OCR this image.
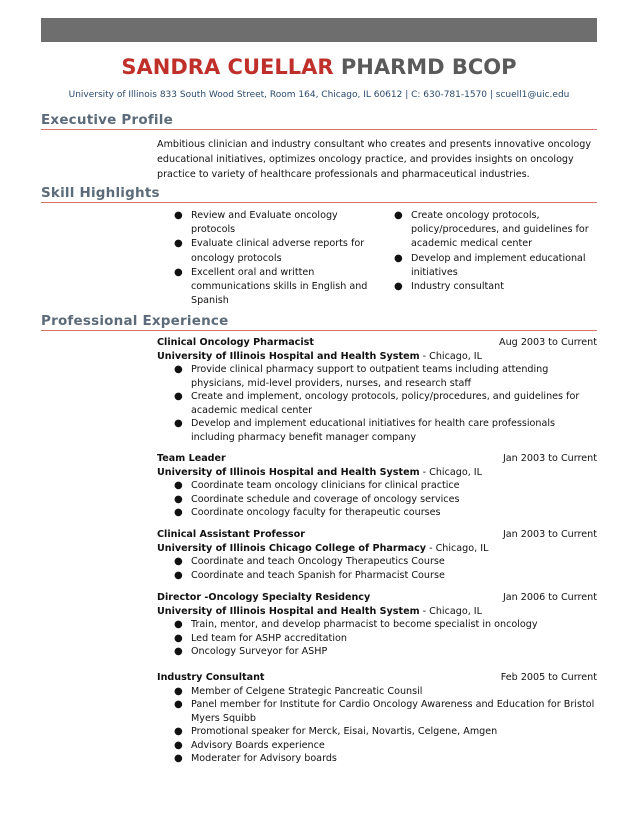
SANDRA CUELLAR PHARMD BCOP
University of Illinois 833 South Wood Street, Room 164, Chicago, IL 60612 | C: 630-781-1570 | scuell1@uic.edu
Executive Profile
Ambitious clinician and industry consultant who creates and presents innovative oncology educational initiatives, optimizes oncology practice, and provides insights on oncology practice to variety of healthcare professionals and pharmaceutical industries.
Skill Highlights
● Review and Evaluate oncology protocols
● Evaluate clinical adverse reports for oncology protocols
● Excellent oral and written communications skills in English and Spanish
● Create oncology protocols, policy/procedures, and guidelines for academic medical center
● Develop and implement educational initiatives
● Industry consultant
Professional Experience
Clinical Oncology Pharmacist	Aug 2003 to Current
University of Illinois Hospital and Health System - Chicago, IL
● Provide clinical pharmacy support to outpatient teams including attending physicians, mid-level providers, nurses, and research staff
● Create and implement, oncology protocols, policy/procedures, and guidelines for academic medical center
● Develop and implement educational initiatives for health care professionals including pharmacy benefit manager company
Team Leader	Jan 2003 to Current
University of Illinois Hospital and Health System - Chicago, IL
● Coordinate team oncology clinicians for clinical practice
● Coordinate schedule and coverage of oncology services
● Coordinate oncology faculty for therapeutic courses
Clinical Assistant Professor	Jan 2003 to Current
University of Illinois Chicago College of Pharmacy - Chicago, IL
● Coordinate and teach Oncology Therapeutics Course
● Coordinate and teach Spanish for Pharmacist Course
Director -Oncology Specialty Residency	Jan 2006 to Current
University of Illinois Hospital and Health System - Chicago, IL
● Train, mentor, and develop pharmacist to become specialist in oncology
● Led team for ASHP accreditation
● Oncology Surveyor for ASHP
Industry Consultant	Feb 2005 to Current
● Member of Celgene Strategic Pancreatic Counsil
● Panel member for Institute for Cardio Oncology Awareness and Education for Bristol Myers Squibb
● Promotional speaker for Merck, Eisai, Novartis, Celgene, Amgen
● Advisory Boards experience
● Moderater for Advisory boards
